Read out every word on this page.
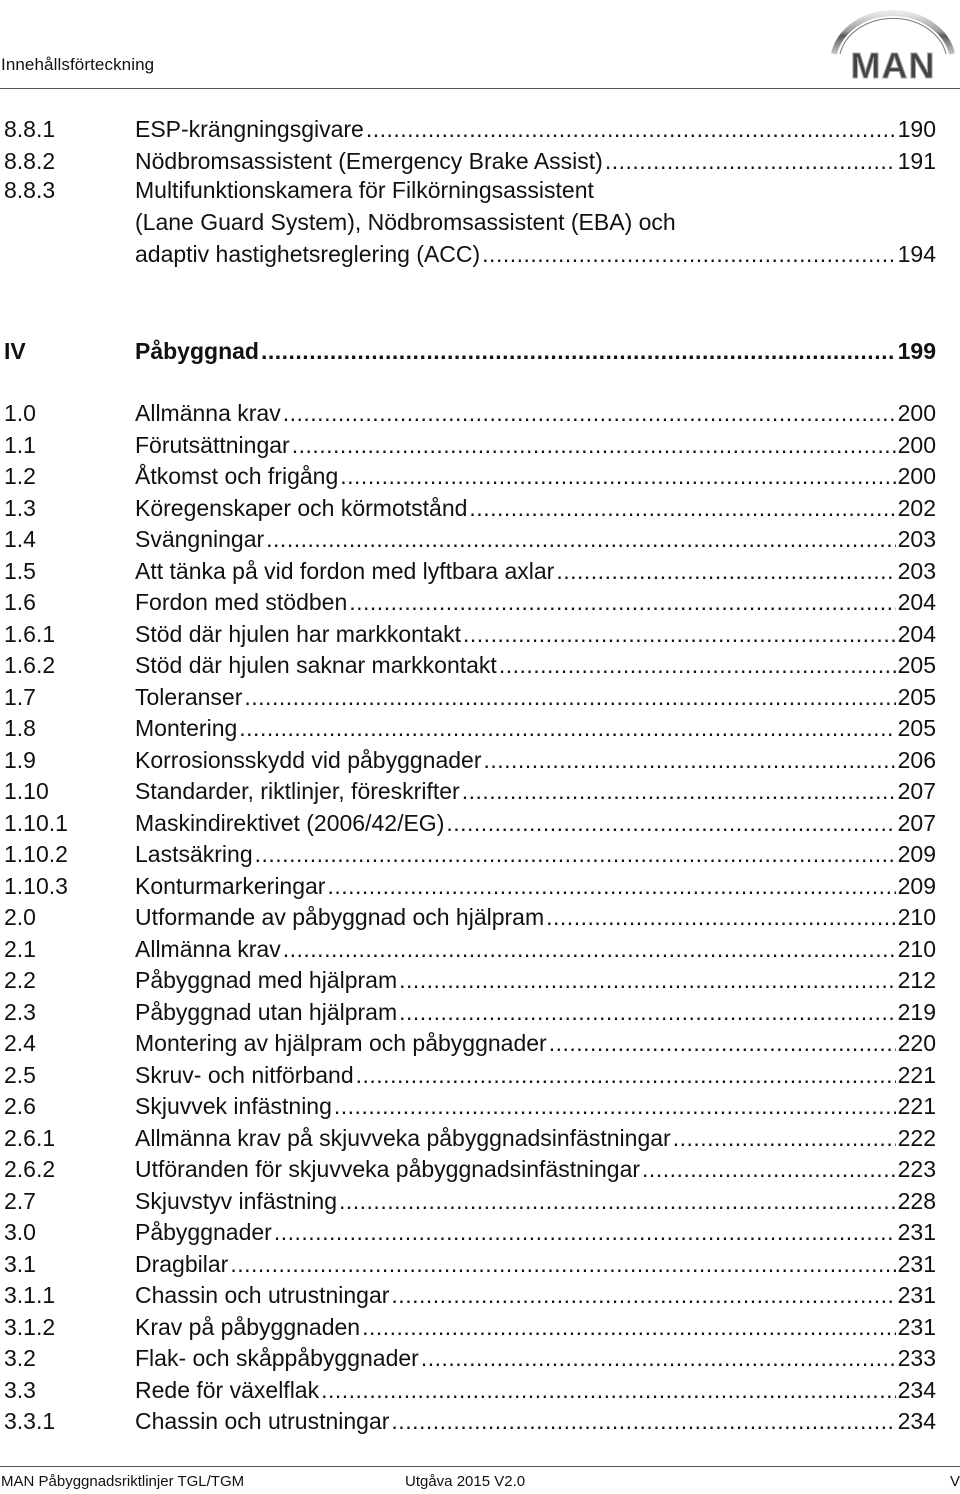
Innehållsförteckning	MAN
8.8.1	ESP-krängningsgivare .....	190
8.8.2	Nödbromsassistent (Emergency Brake Assist) .....	191
8.8.3	Multifunktionskamera för Filkörningsassistent
(Lane Guard System), Nödbromsassistent (EBA) och
adaptiv hastighetsreglering (ACC) .....	194
IV	Påbyggnad .....	199
1.0	Allmänna krav .....	200
1.1	Förutsättningar .....	200
1.2	Åtkomst och frigång .....	200
1.3	Köregenskaper och körmotstånd .....	202
1.4	Svängningar .....	203
1.5	Att tänka på vid fordon med lyftbara axlar .....	203
1.6	Fordon med stödben .....	204
1.6.1	Stöd där hjulen har markkontakt .....	204
1.6.2	Stöd där hjulen saknar markkontakt .....	205
1.7	Toleranser .....	205
1.8	Montering .....	205
1.9	Korrosionsskydd vid påbyggnader .....	206
1.10	Standarder, riktlinjer, föreskrifter .....	207
1.10.1	Maskindirektivet (2006/42/EG) .....	207
1.10.2	Lastsäkring .....	209
1.10.3	Konturmarkeringar .....	209
2.0	Utformande av påbyggnad och hjälpram .....	210
2.1	Allmänna krav .....	210
2.2	Påbyggnad med hjälpram .....	212
2.3	Påbyggnad utan hjälpram .....	219
2.4	Montering av hjälpram och påbyggnader .....	220
2.5	Skruv- och nitförband .....	221
2.6	Skjuvvek infästning .....	221
2.6.1	Allmänna krav på skjuvveka påbyggnadsinfästningar .....	222
2.6.2	Utföranden för skjuvveka påbyggnadsinfästningar .....	223
2.7	Skjuvstyv infästning .....	228
3.0	Påbyggnader .....	231
3.1	Dragbilar .....	231
3.1.1	Chassin och utrustningar .....	231
3.1.2	Krav på påbyggnaden .....	231
3.2	Flak- och skåppåbyggnader .....	233
3.3	Rede för växelflak .....	234
3.3.1	Chassin och utrustningar .....	234
MAN Påbyggnadsriktlinjer TGL/TGM	Utgåva 2015 V2.0	V
